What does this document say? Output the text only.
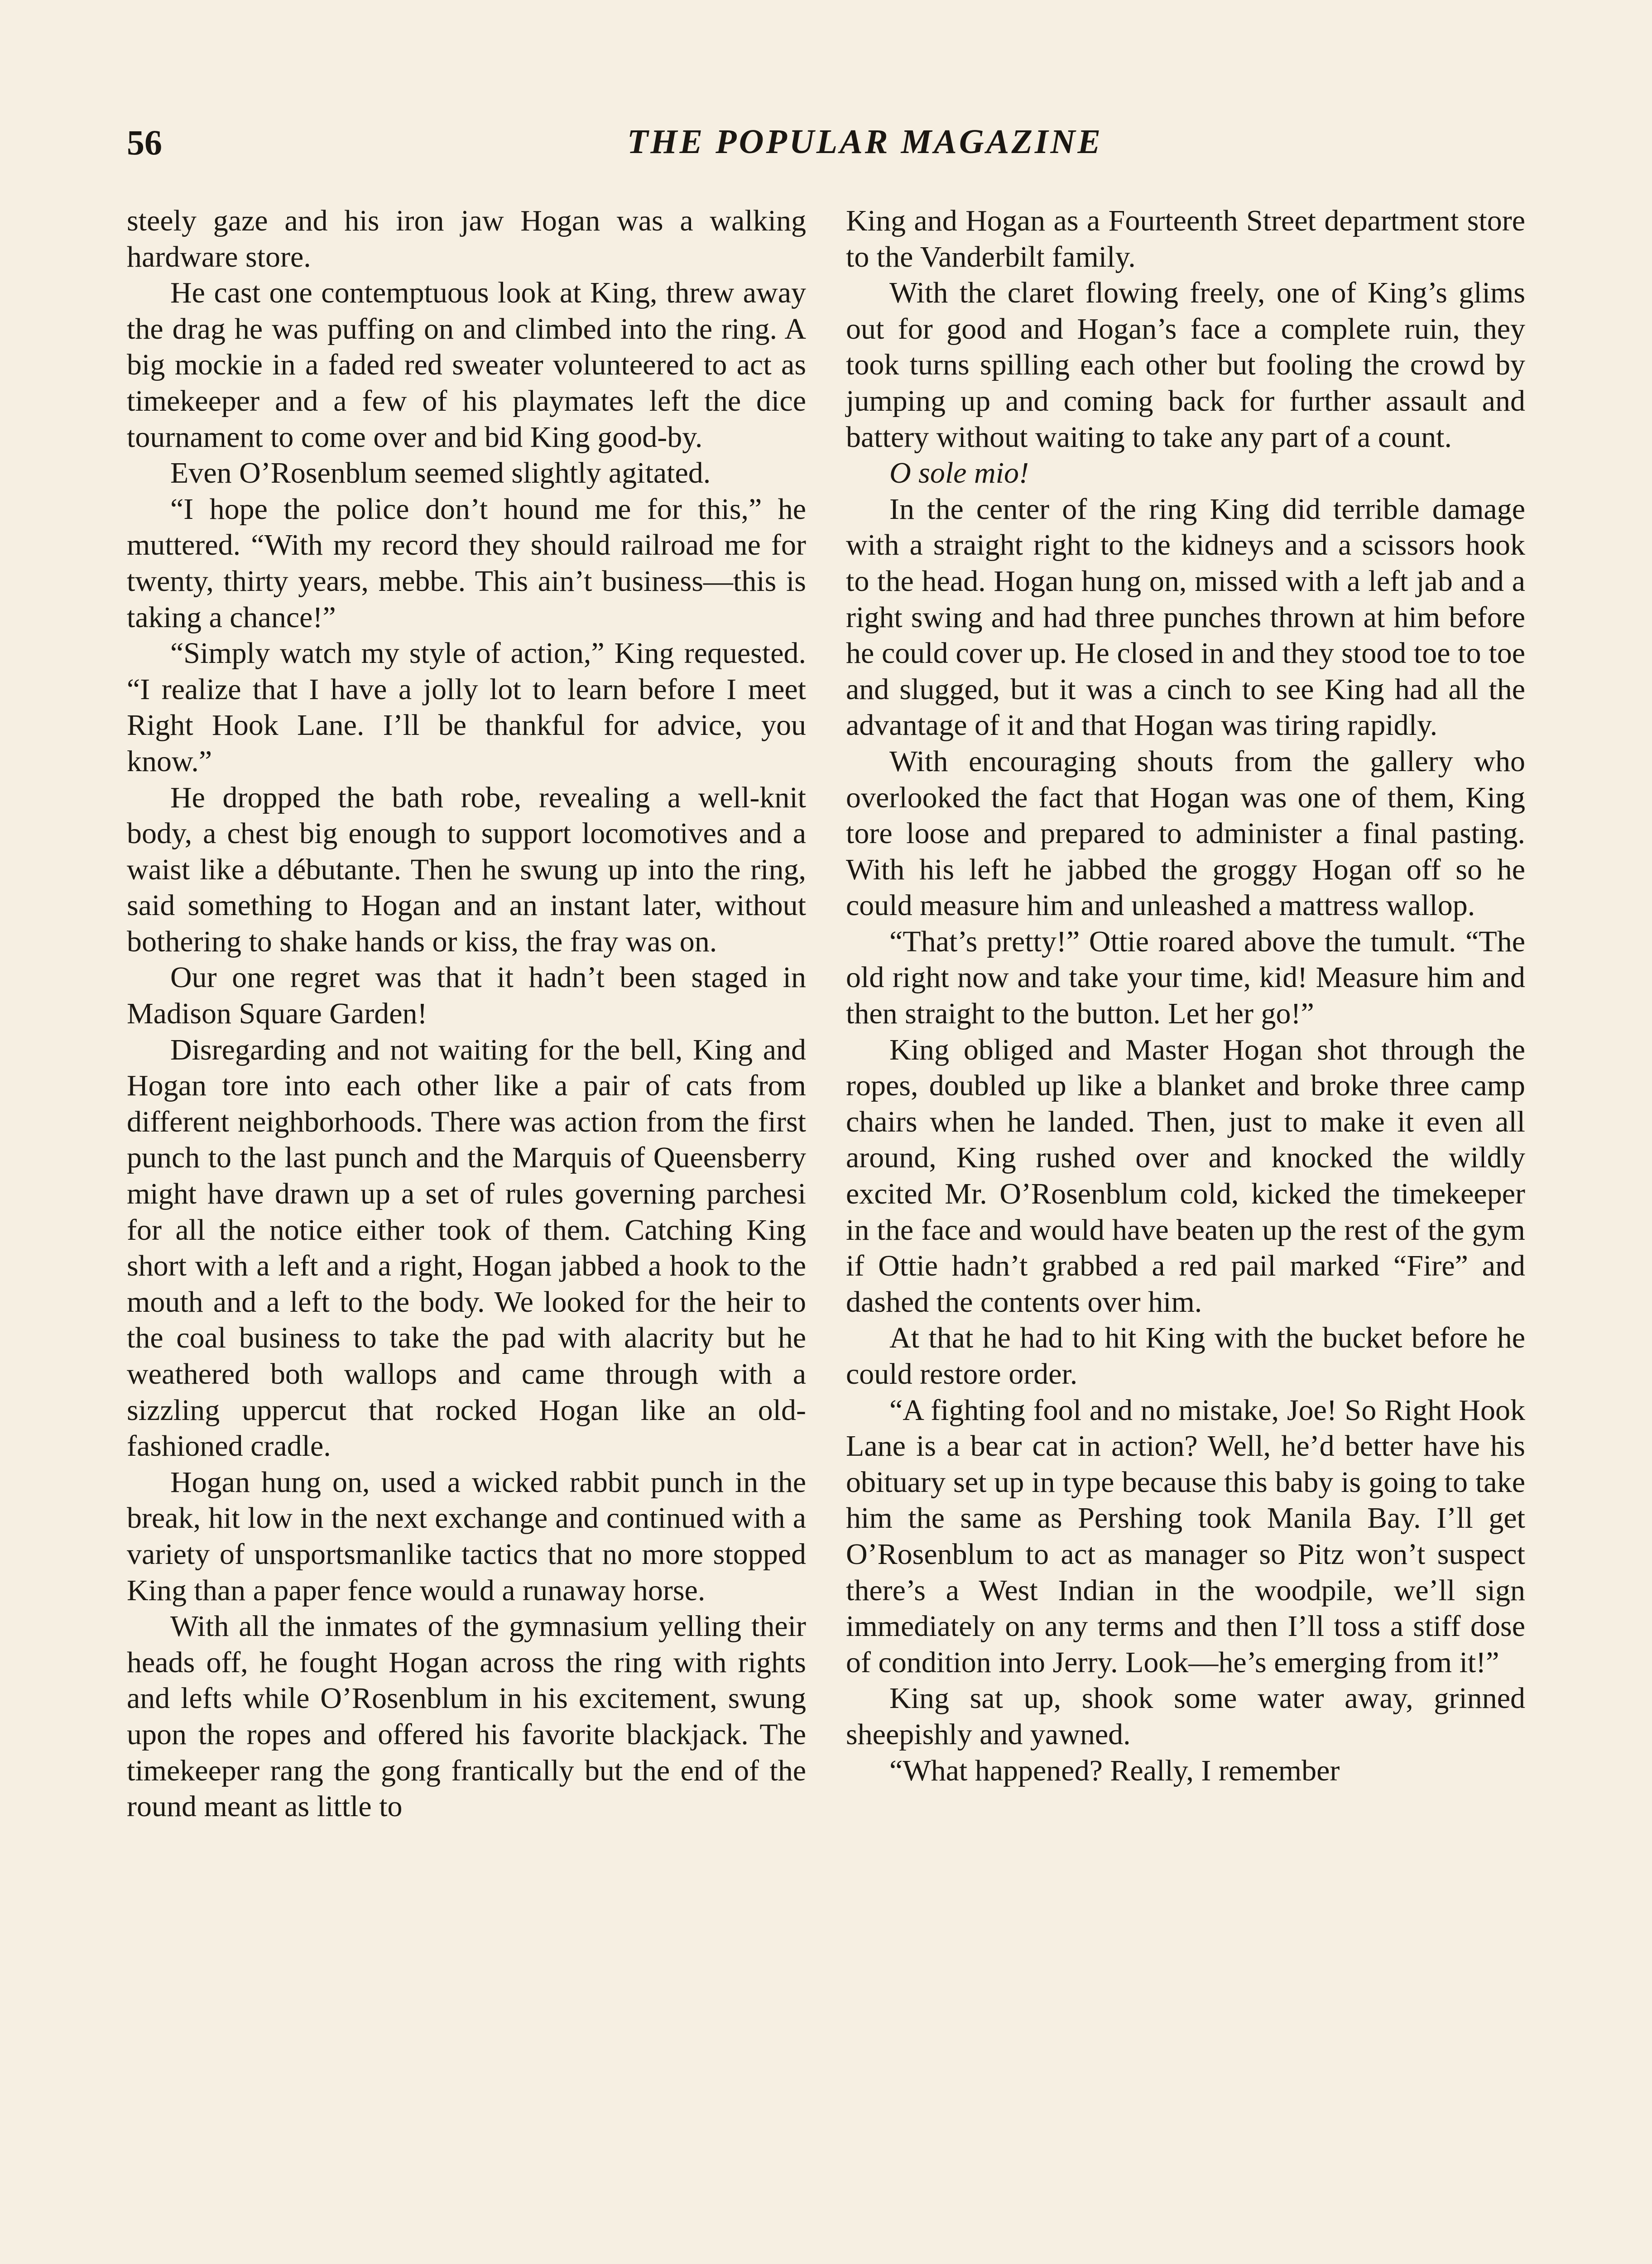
56	THE POPULAR MAGAZINE

steely gaze and his iron jaw Hogan was a walking hardware store.

He cast one contemptuous look at King, threw away the drag he was puffing on and climbed into the ring. A big mockie in a faded red sweater volunteered to act as timekeeper and a few of his playmates left the dice tournament to come over and bid King good-by.

Even O’Rosenblum seemed slightly agitated.

“I hope the police don’t hound me for this,” he muttered. “With my record they should railroad me for twenty, thirty years, mebbe. This ain’t business—this is taking a chance!”

“Simply watch my style of action,” King requested. “I realize that I have a jolly lot to learn before I meet Right Hook Lane. I’ll be thankful for advice, you know.”

He dropped the bath robe, revealing a well-knit body, a chest big enough to support locomotives and a waist like a débutante. Then he swung up into the ring, said something to Hogan and an instant later, without bothering to shake hands or kiss, the fray was on.

Our one regret was that it hadn’t been staged in Madison Square Garden!

Disregarding and not waiting for the bell, King and Hogan tore into each other like a pair of cats from different neighborhoods. There was action from the first punch to the last punch and the Marquis of Queensberry might have drawn up a set of rules governing parchesi for all the notice either took of them. Catching King short with a left and a right, Hogan jabbed a hook to the mouth and a left to the body. We looked for the heir to the coal business to take the pad with alacrity but he weathered both wallops and came through with a sizzling uppercut that rocked Hogan like an old-fashioned cradle.

Hogan hung on, used a wicked rabbit punch in the break, hit low in the next exchange and continued with a variety of unsportsmanlike tactics that no more stopped King than a paper fence would a runaway horse.

With all the inmates of the gymnasium yelling their heads off, he fought Hogan across the ring with rights and lefts while O’Rosenblum in his excitement, swung upon the ropes and offered his favorite blackjack. The timekeeper rang the gong frantically but the end of the round meant as little to

King and Hogan as a Fourteenth Street department store to the Vanderbilt family.

With the claret flowing freely, one of King’s glims out for good and Hogan’s face a complete ruin, they took turns spilling each other but fooling the crowd by jumping up and coming back for further assault and battery without waiting to take any part of a count.

O sole mio!

In the center of the ring King did terrible damage with a straight right to the kidneys and a scissors hook to the head. Hogan hung on, missed with a left jab and a right swing and had three punches thrown at him before he could cover up. He closed in and they stood toe to toe and slugged, but it was a cinch to see King had all the advantage of it and that Hogan was tiring rapidly.

With encouraging shouts from the gallery who overlooked the fact that Hogan was one of them, King tore loose and prepared to administer a final pasting. With his left he jabbed the groggy Hogan off so he could measure him and unleashed a mattress wallop.

“That’s pretty!” Ottie roared above the tumult. “The old right now and take your time, kid! Measure him and then straight to the button. Let her go!”

King obliged and Master Hogan shot through the ropes, doubled up like a blanket and broke three camp chairs when he landed. Then, just to make it even all around, King rushed over and knocked the wildly excited Mr. O’Rosenblum cold, kicked the timekeeper in the face and would have beaten up the rest of the gym if Ottie hadn’t grabbed a red pail marked “Fire” and dashed the contents over him.

At that he had to hit King with the bucket before he could restore order.

“A fighting fool and no mistake, Joe! So Right Hook Lane is a bear cat in action? Well, he’d better have his obituary set up in type because this baby is going to take him the same as Pershing took Manila Bay. I’ll get O’Rosenblum to act as manager so Pitz won’t suspect there’s a West Indian in the woodpile, we’ll sign immediately on any terms and then I’ll toss a stiff dose of condition into Jerry. Look—he’s emerging from it!”

King sat up, shook some water away, grinned sheepishly and yawned.

“What happened? Really, I remember
